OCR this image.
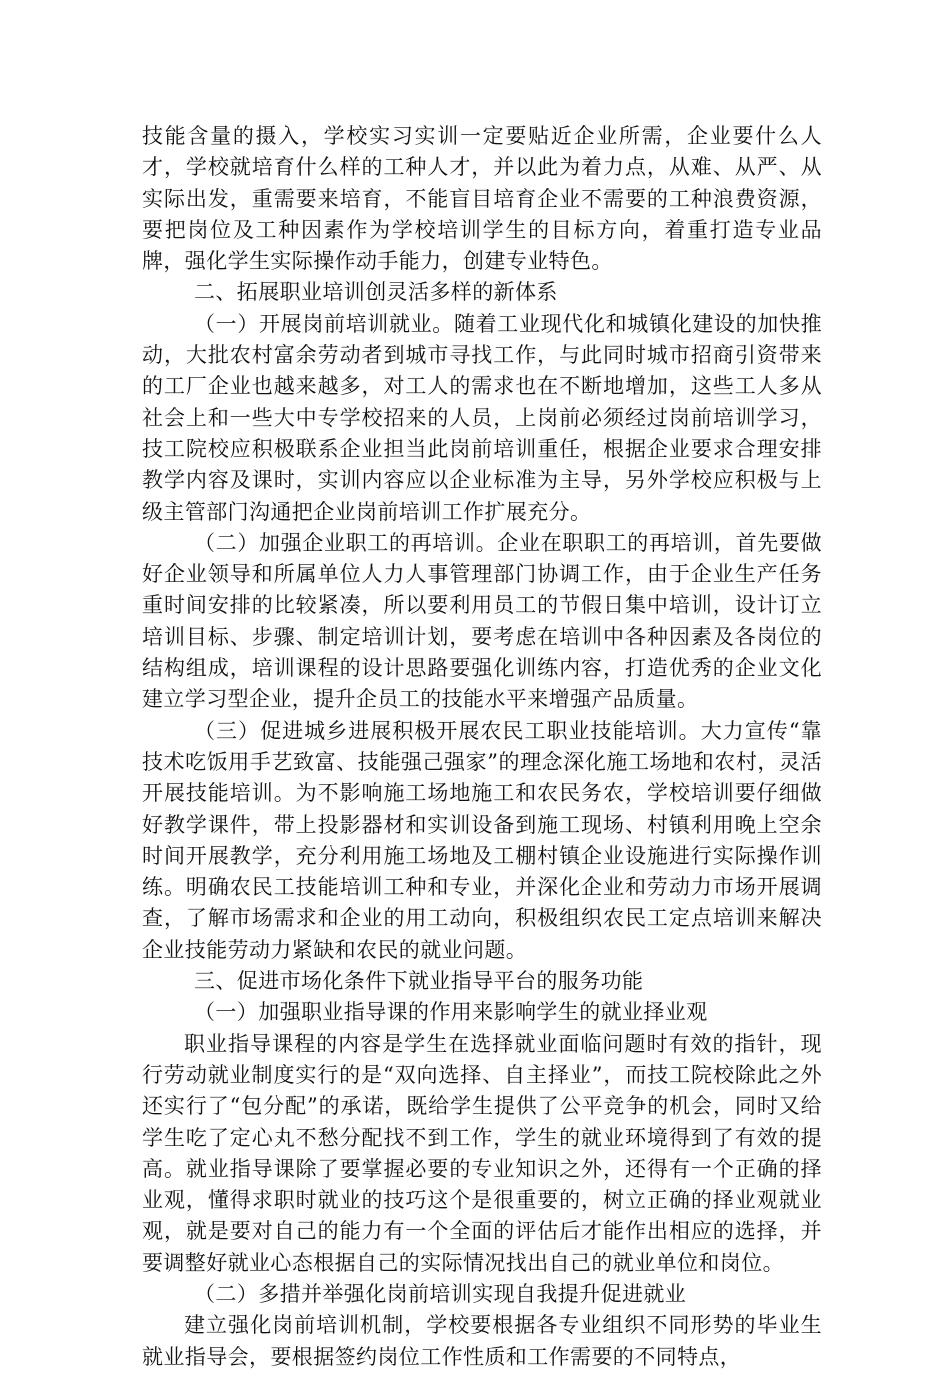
技能含量的摄入，学校实习实训一定要贴近企业所需，企业要什么人才，学校就培育什么样的工种人才，并以此为着力点，从难、从严、从实际出发，重需要来培育，不能盲目培育企业不需要的工种浪费资源，要把岗位及工种因素作为学校培训学生的目标方向，着重打造专业品牌，强化学生实际操作动手能力，创建专业特色。

二、拓展职业培训创灵活多样的新体系

（一）开展岗前培训就业。随着工业现代化和城镇化建设的加快推动，大批农村富余劳动者到城市寻找工作，与此同时城市招商引资带来的工厂企业也越来越多，对工人的需求也在不断地增加，这些工人多从社会上和一些大中专学校招来的人员，上岗前必须经过岗前培训学习，技工院校应积极联系企业担当此岗前培训重任，根据企业要求合理安排教学内容及课时，实训内容应以企业标准为主导，另外学校应积极与上级主管部门沟通把企业岗前培训工作扩展充分。

（二）加强企业职工的再培训。企业在职职工的再培训，首先要做好企业领导和所属单位人力人事管理部门协调工作，由于企业生产任务重时间安排的比较紧凑，所以要利用员工的节假日集中培训，设计订立培训目标、步骤、制定培训计划，要考虑在培训中各种因素及各岗位的结构组成，培训课程的设计思路要强化训练内容，打造优秀的企业文化建立学习型企业，提升企员工的技能水平来增强产品质量。

（三）促进城乡进展积极开展农民工职业技能培训。大力宣传“靠技术吃饭用手艺致富、技能强己强家”的理念深化施工场地和农村，灵活开展技能培训。为不影响施工场地施工和农民务农，学校培训要仔细做好教学课件，带上投影器材和实训设备到施工现场、村镇利用晚上空余时间开展教学，充分利用施工场地及工棚村镇企业设施进行实际操作训练。明确农民工技能培训工种和专业，并深化企业和劳动力市场开展调查，了解市场需求和企业的用工动向，积极组织农民工定点培训来解决企业技能劳动力紧缺和农民的就业问题。

三、促进市场化条件下就业指导平台的服务功能

（一）加强职业指导课的作用来影响学生的就业择业观

职业指导课程的内容是学生在选择就业面临问题时有效的指针，现行劳动就业制度实行的是“双向选择、自主择业”，而技工院校除此之外还实行了“包分配”的承诺，既给学生提供了公平竞争的机会，同时又给学生吃了定心丸不愁分配找不到工作，学生的就业环境得到了有效的提高。就业指导课除了要掌握必要的专业知识之外，还得有一个正确的择业观，懂得求职时就业的技巧这个是很重要的，树立正确的择业观就业观，就是要对自己的能力有一个全面的评估后才能作出相应的选择，并要调整好就业心态根据自己的实际情况找出自己的就业单位和岗位。

（二）多措并举强化岗前培训实现自我提升促进就业

建立强化岗前培训机制，学校要根据各专业组织不同形势的毕业生就业指导会，要根据签约岗位工作性质和工作需要的不同特点，
